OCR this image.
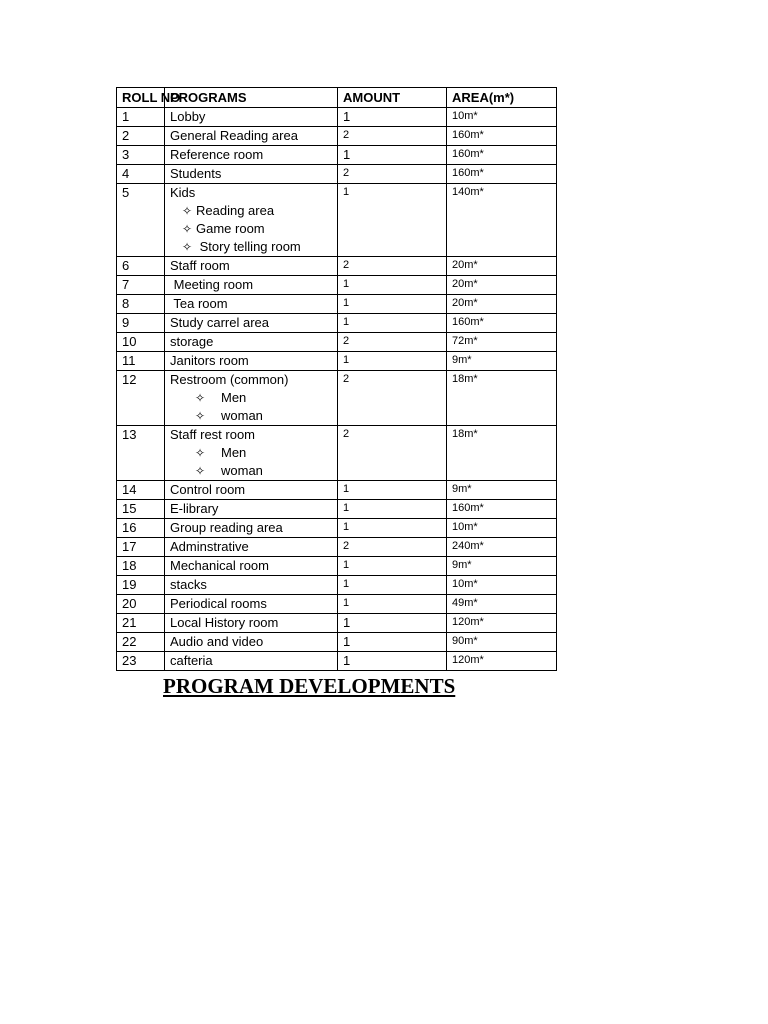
ROLL NO	PROGRAMS	AMOUNT	AREA(m*)
1	Lobby	1	10m*
2	General Reading area	2	160m*
3	Reference room	1	160m*
4	Students	2	160m*
5	Kids
✧ Reading area
✧ Game room
✧ Story telling room	1	140m*
6	Staff room	2	20m*
7	Meeting room	1	20m*
8	Tea room	1	20m*
9	Study carrel area	1	160m*
10	storage	2	72m*
11	Janitors room	1	9m*
12	Restroom (common)
✧ Men
✧ woman	2	18m*
13	Staff rest room
✧ Men
✧ woman	2	18m*
14	Control room	1	9m*
15	E-library	1	160m*
16	Group reading area	1	10m*
17	Adminstrative	2	240m*
18	Mechanical room	1	9m*
19	stacks	1	10m*
20	Periodical rooms	1	49m*
21	Local History room	1	120m*
22	Audio and video	1	90m*
23	cafteria	1	120m*
PROGRAM DEVELOPMENTS
